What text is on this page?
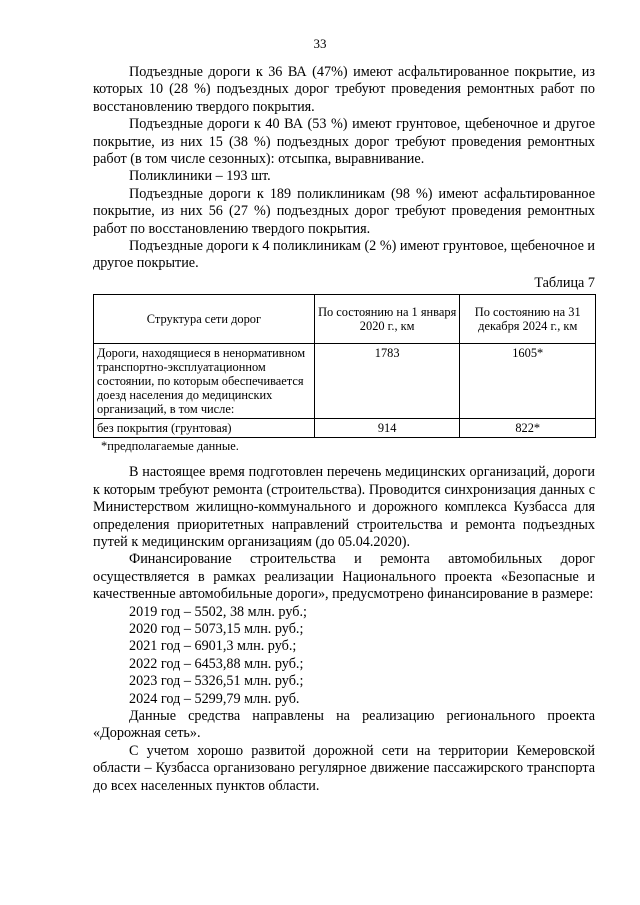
33

Подъездные дороги к 36 ВА (47%) имеют асфальтированное покрытие, из которых 10 (28 %) подъездных дорог требуют проведения ремонтных работ по восстановлению твердого покрытия.

Подъездные дороги к 40 ВА (53 %) имеют грунтовое, щебеночное и другое покрытие, из них 15 (38 %) подъездных дорог требуют проведения ремонтных работ (в том числе сезонных): отсыпка, выравнивание.

Поликлиники – 193 шт.

Подъездные дороги к 189 поликлиникам (98 %) имеют асфальтированное покрытие, из них 56 (27 %) подъездных дорог требуют проведения ремонтных работ по восстановлению твердого покрытия.

Подъездные дороги к 4 поликлиникам (2 %) имеют грунтовое, щебеночное и другое покрытие.

Таблица 7

Структура сети дорог	По состоянию на 1 января 2020 г., км	По состоянию на 31 декабря 2024 г., км
Дороги, находящиеся в ненормативном транспортно-эксплуатационном состоянии, по которым обеспечивается доезд населения до медицинских организаций, в том числе:	1783	1605*
без покрытия (грунтовая)	914	822*

*предполагаемые данные.

В настоящее время подготовлен перечень медицинских организаций, дороги к которым требуют ремонта (строительства). Проводится синхронизация данных с Министерством жилищно-коммунального и дорожного комплекса Кузбасса для определения приоритетных направлений строительства и ремонта подъездных путей к медицинским организациям (до 05.04.2020).

Финансирование строительства и ремонта автомобильных дорог осуществляется в рамках реализации Национального проекта «Безопасные и качественные автомобильные дороги», предусмотрено финансирование в размере:

2019 год – 5502, 38 млн. руб.;
2020 год – 5073,15 млн. руб.;
2021 год – 6901,3 млн. руб.;
2022 год – 6453,88 млн. руб.;
2023 год – 5326,51 млн. руб.;
2024 год – 5299,79 млн. руб.

Данные средства направлены на реализацию регионального проекта «Дорожная сеть».

С учетом хорошо развитой дорожной сети на территории Кемеровской области – Кузбасса организовано регулярное движение пассажирского транспорта до всех населенных пунктов области.
